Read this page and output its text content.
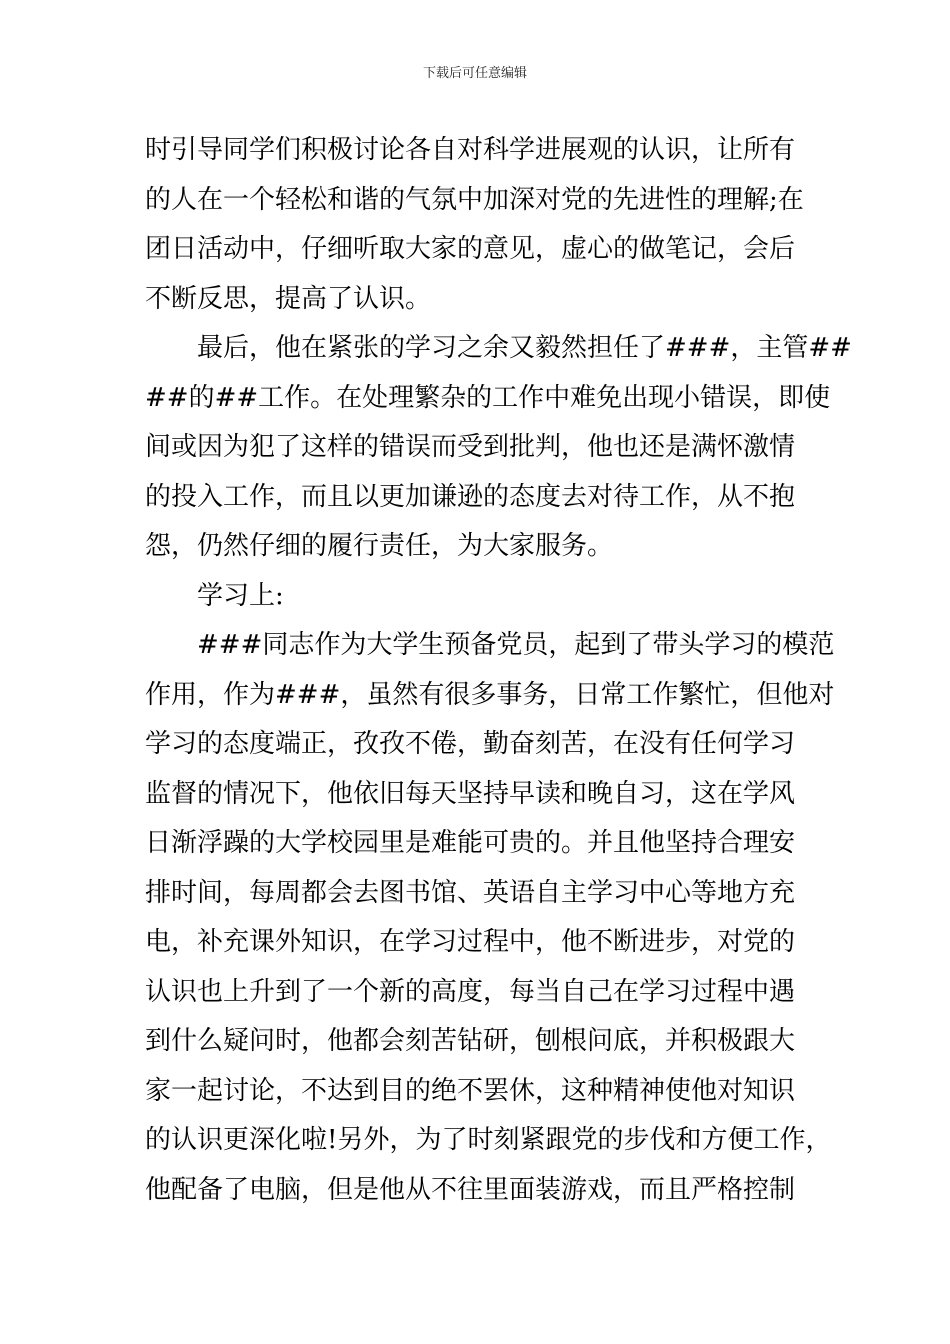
下载后可任意编辑
时引导同学们积极讨论各自对科学进展观的认识，让所有
的人在一个轻松和谐的气氛中加深对党的先进性的理解;在
团日活动中，仔细听取大家的意见，虚心的做笔记，会后
不断反思，提高了认识。
最后，他在紧张的学习之余又毅然担任了###，主管##
##的##工作。在处理繁杂的工作中难免出现小错误，即使
间或因为犯了这样的错误而受到批判，他也还是满怀激情
的投入工作，而且以更加谦逊的态度去对待工作，从不抱
怨，仍然仔细的履行责任，为大家服务。
学习上:
###同志作为大学生预备党员，起到了带头学习的模范
作用，作为###，虽然有很多事务，日常工作繁忙，但他对
学习的态度端正，孜孜不倦，勤奋刻苦，在没有任何学习
监督的情况下，他依旧每天坚持早读和晚自习，这在学风
日渐浮躁的大学校园里是难能可贵的。并且他坚持合理安
排时间，每周都会去图书馆、英语自主学习中心等地方充
电，补充课外知识，在学习过程中，他不断进步，对党的
认识也上升到了一个新的高度，每当自己在学习过程中遇
到什么疑问时，他都会刻苦钻研，刨根问底，并积极跟大
家一起讨论，不达到目的绝不罢休，这种精神使他对知识
的认识更深化啦!另外，为了时刻紧跟党的步伐和方便工作，
他配备了电脑，但是他从不往里面装游戏，而且严格控制
